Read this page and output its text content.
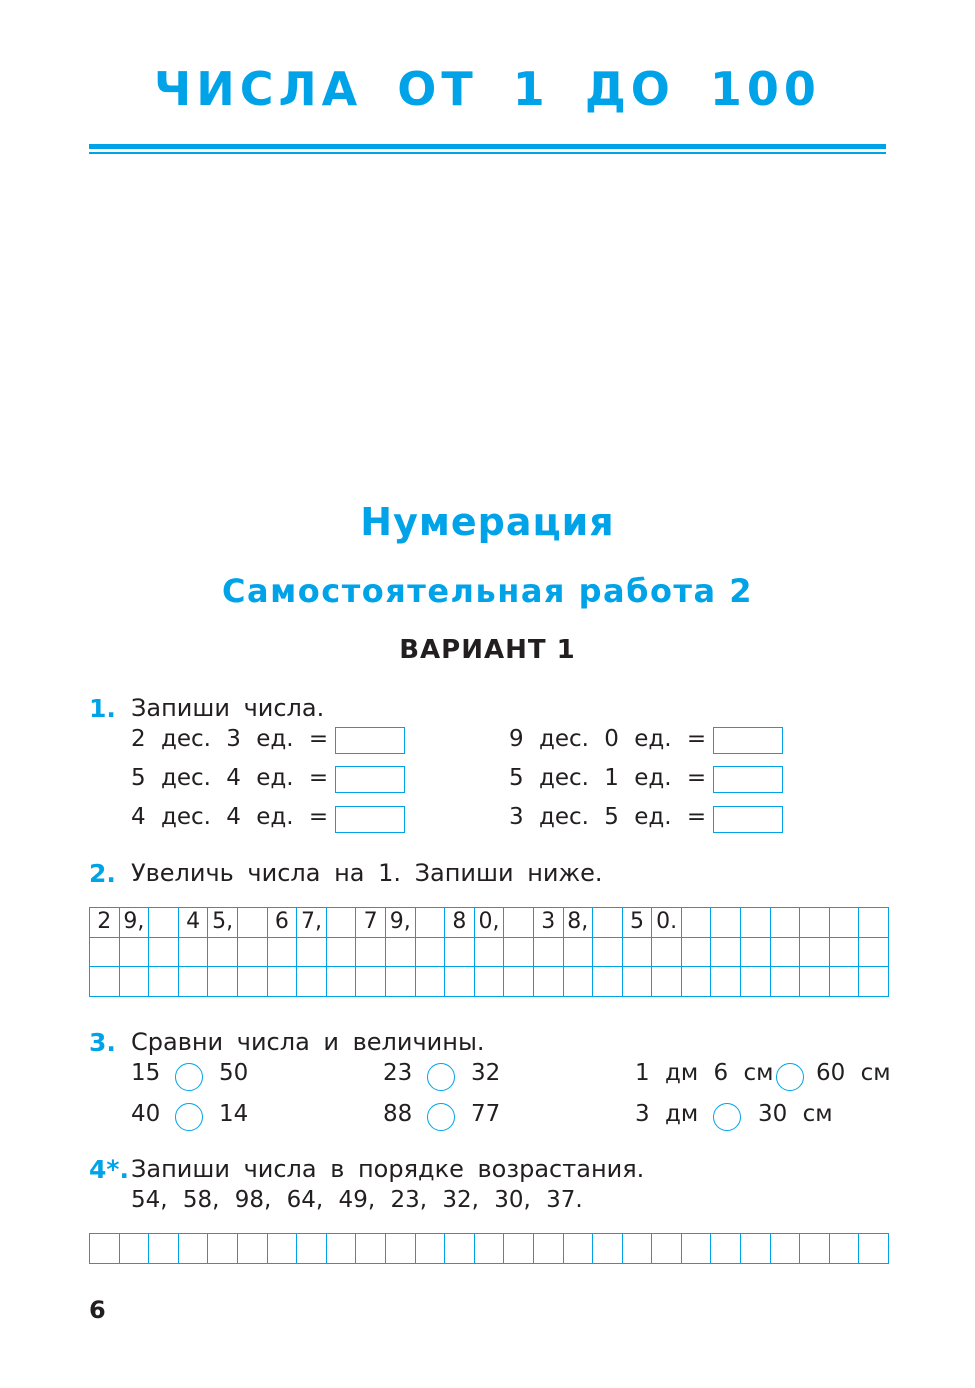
ЧИСЛА ОТ 1 ДО 100
Нумерация
Самостоятельная работа 2
ВАРИАНТ 1
1. Запиши числа.
2 дес. 3 ед. =
5 дес. 4 ед. =
4 дес. 4 ед. =
9 дес. 0 ед. =
5 дес. 1 ед. =
3 дес. 5 ед. =
2. Увеличь числа на 1. Запиши ниже.
2	9,		4	5,		6	7,		7	9,		8	0,		3	8,		5	0.							

3. Сравни числа и величины.
15	50	23	32	1 дм 6 см 60 см
40	14	88	77	3 дм	30 см
4*. Запиши числа в порядке возрастания.
54, 58, 98, 64, 49, 23, 32, 30, 37.

6
